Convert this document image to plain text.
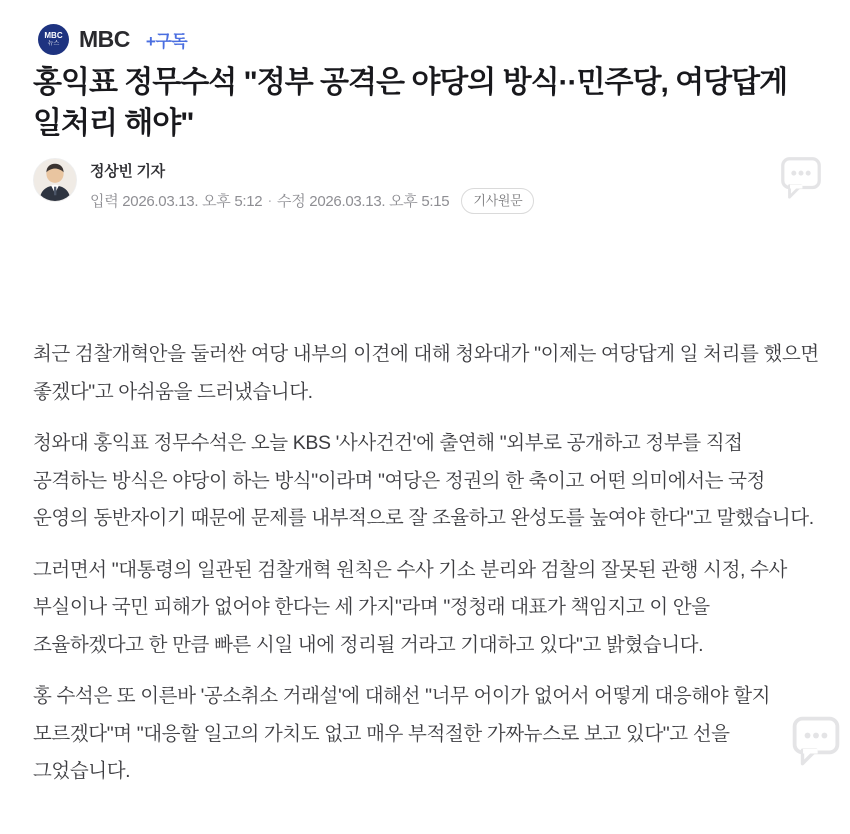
MBC
뉴스 MBC +구독
홍익표 정무수석 "정부 공격은 야당의 방식··민주당, 여당답게 일처리 해야"
정상빈 기자
입력
2026.03.13. 오후 5:12 · 수정
2026.03.13. 오후 5:15	기사원문

최근 검찰개혁안을 둘러싼 여당 내부의 이견에 대해 청와대가 "이제는 여당답게 일 처리를 했으면 좋겠다"고 아쉬움을 드러냈습니다.

청와대 홍익표 정무수석은 오늘 KBS '사사건건'에 출연해 "외부로 공개하고 정부를 직접 공격하는 방식은 야당이 하는 방식"이라며 "여당은 정권의 한 축이고 어떤 의미에서는 국정 운영의 동반자이기 때문에 문제를 내부적으로 잘 조율하고 완성도를 높여야 한다"고 말했습니다.

그러면서 "대통령의 일관된 검찰개혁 원칙은 수사 기소 분리와 검찰의 잘못된 관행 시정, 수사 부실이나 국민 피해가 없어야 한다는 세 가지"라며 "정청래 대표가 책임지고 이 안을 조율하겠다고 한 만큼 빠른 시일 내에 정리될 거라고 기대하고 있다"고 밝혔습니다.

홍 수석은 또 이른바 '공소취소 거래설'에 대해선 "너무 어이가 없어서 어떻게 대응해야 할지 모르겠다"며 "대응할 일고의 가치도 없고 매우 부적절한 가짜뉴스로 보고 있다"고 선을 그었습니다.
